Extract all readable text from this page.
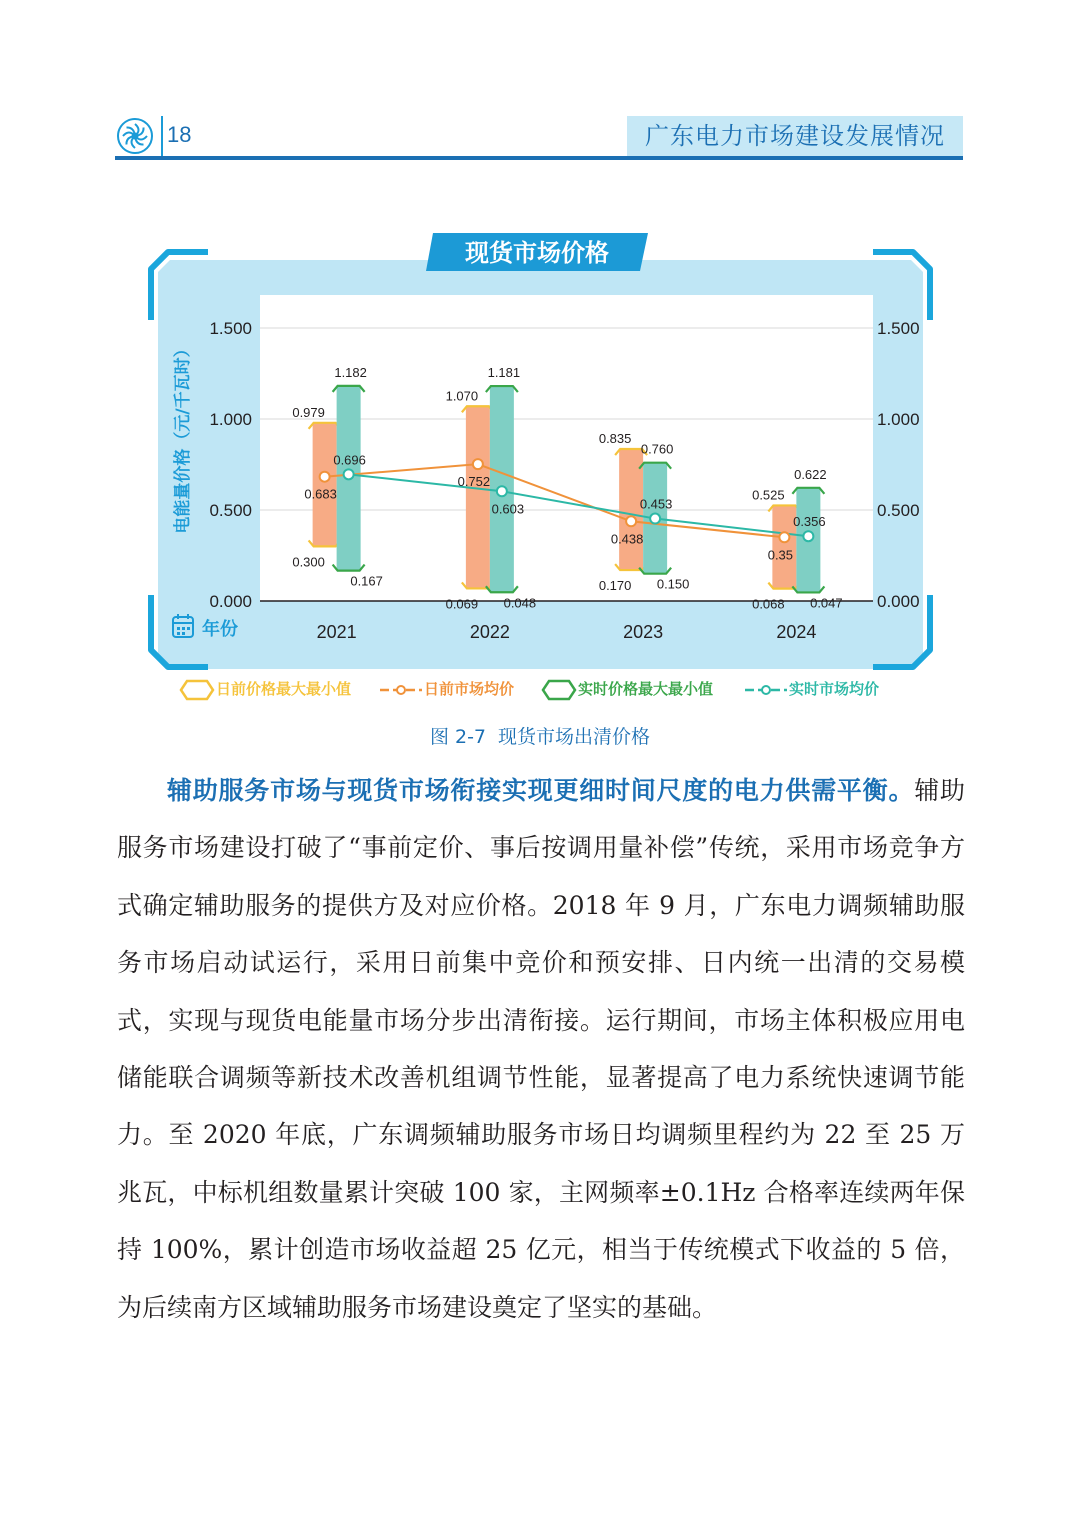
18	广东电力市场建设发展情况
现货市场价格
电能量价格（元/千瓦时）
年份
0.000	0.000
0.500	0.500
1.000	1.000
1.500	1.500
2021
0.979
0.300
1.182
0.167
2022
1.070
0.069
1.181
0.048
2023
0.835
0.170
0.760
0.150
2024
0.525
0.068
0.622
0.047
0.683
0.752
0.438
0.35
0.696
0.603	0.453
0.356
日前价格最大最小值	日前市场均价	实时价格最大最小值	实时市场均价
图 2-7 现货市场出清价格
辅助服务市场与现货市场衔接实现更细时间尺度的电力供需平衡。辅助服务市场建设打破了“事前定价、事后按调用量补偿”传统，采用市场竞争方式确定辅助服务的提供方及对应价格。2018 年 9 月，广东电力调频辅助服务市场启动试运行，采用日前集中竞价和预安排、日内统一出清的交易模式，实现与现货电能量市场分步出清衔接。运行期间，市场主体积极应用电储能联合调频等新技术改善机组调节性能，显著提高了电力系统快速调节能力。至 2020 年底，广东调频辅助服务市场日均调频里程约为 22 至 25 万兆瓦，中标机组数量累计突破 100 家，主网频率±0.1Hz 合格率连续两年保持 100%，累计创造市场收益超 25 亿元，相当于传统模式下收益的 5 倍，为后续南方区域辅助服务市场建设奠定了坚实的基础。
